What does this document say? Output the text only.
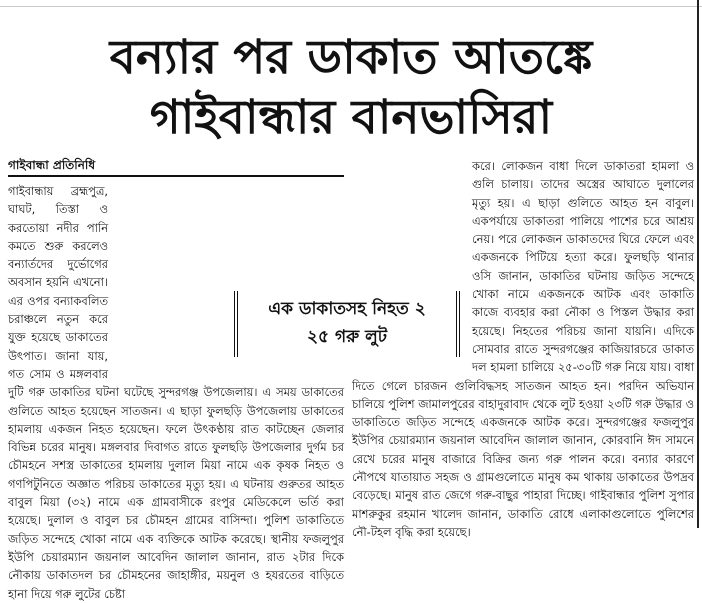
বন্যার পর ডাকাত আতঙ্কে
গাইবান্ধার বানভাসিরা
গাইবান্ধা প্রতিনিধি

গাইবান্ধায় ব্রহ্মপুত্র, ঘাঘট, তিস্তা ও করতোয়া নদীর পানি কমতে শুরু করলেও বন্যার্তদের দুর্ভোগের অবসান হয়নি এখনো। এর ওপর বন্যাকবলিত চরাঞ্চলে নতুন করে যুক্ত হয়েছে ডাকাতের উৎপাত। জানা যায়, গত সোম ও মঙ্গলবার দুটি গরু ডাকাতির ঘটনা ঘটেছে সুন্দরগঞ্জ উপজেলায়। এ সময় ডাকাতের গুলিতে আহত হয়েছেন সাতজন। এ ছাড়া ফুলছড়ি উপজেলায় ডাকাতের হামলায় একজন নিহত হয়েছেন। ফলে উৎকণ্ঠায় রাত কাটচ্ছেন জেলার বিভিন্ন চরের মানুষ। মঙ্গলবার দিবাগত রাতে ফুলছড়ি উপজেলার দুর্গম চর চৌমহনে সশস্ত্র ডাকাতের হামলায় দুলাল মিয়া নামে এক কৃষক নিহত ও গণপিটুনিতে অজ্ঞাত পরিচয় ডাকাতের মৃত্যু হয়। এ ঘটনায় গুরুতর আহত বাবুল মিয়া (৩২) নামে এক গ্রামবাসীকে রংপুর মেডিকেলে ভর্তি করা হয়েছে। দুলাল ও বাবুল চর চৌমহন গ্রামের বাসিন্দা। পুলিশ ডাকাতিতে জড়িত সন্দেহে খোকা নামে এক ব্যক্তিকে আটক করেছে। স্থানীয় ফজলুপুর ইউপি চেয়ারম্যান জয়নাল আবেদিন জালাল জানান, রাত ২টার দিকে নৌকায় ডাকাতদল চর চৌমহনের জাহাঙ্গীর, ময়নুল ও হযরতের বাড়িতে হানা দিয়ে গরু লুটের চেষ্টা

করে। লোকজন বাধা দিলে ডাকাতরা হামলা ও গুলি চালায়। তাদের অস্ত্রের আঘাতে দুলালের মৃত্যু হয়। এ ছাড়া গুলিতে আহত হন বাবুল। একপর্যায়ে ডাকাতরা পালিয়ে পাশের চরে আশ্রয় নেয়। পরে লোকজন ডাকাতদের ঘিরে ফেলে এবং একজনকে পিটিয়ে হত্যা করে। ফুলছড়ি থানার ওসি জানান, ডাকাতির ঘটনায় জড়িত সন্দেহে খোকা নামে একজনকে আটক এবং ডাকাতি কাজে ব্যবহার করা নৌকা ও পিস্তল উদ্ধার করা হয়েছে। নিহতের পরিচয় জানা যায়নি। এদিকে সোমবার রাতে সুন্দরগঞ্জের কাজিয়ারচরে ডাকাত দল হামলা চালিয়ে ২৫-৩০টি গরু নিয়ে যায়। বাধা দিতে গেলে চারজন গুলিবিদ্ধসহ সাতজন আহত হন। পরদিন অভিযান চালিয়ে পুলিশ জামালপুরের বাহাদুরাবাদ থেকে লুট হওয়া ২৩টি গরু উদ্ধার ও ডাকাতিতে জড়িত সন্দেহে একজনকে আটক করে। সুন্দরগঞ্জের ফজলুপুর ইউপির চেয়ারম্যান জয়নাল আবেদিন জালাল জানান, কোরবানি ঈদ সামনে রেখে চরের মানুষ বাজারে বিক্রির জন্য গরু পালন করে। বন্যার কারণে নৌপথে যাতায়াত সহজ ও গ্রামগুলোতে মানুষ কম থাকায় ডাকাতের উপদ্রব বেড়েছে। মানুষ রাত জেগে গরু-বাছুর পাহারা দিচ্ছে। গাইবান্ধার পুলিশ সুপার মাশরুকুর রহমান খালেদ জানান, ডাকাতি রোধে এলাকাগুলোতে পুলিশের নৌ-টহল বৃদ্ধি করা হয়েছে।

এক ডাকাতসহ নিহত ২
২৫ গরু লুট
